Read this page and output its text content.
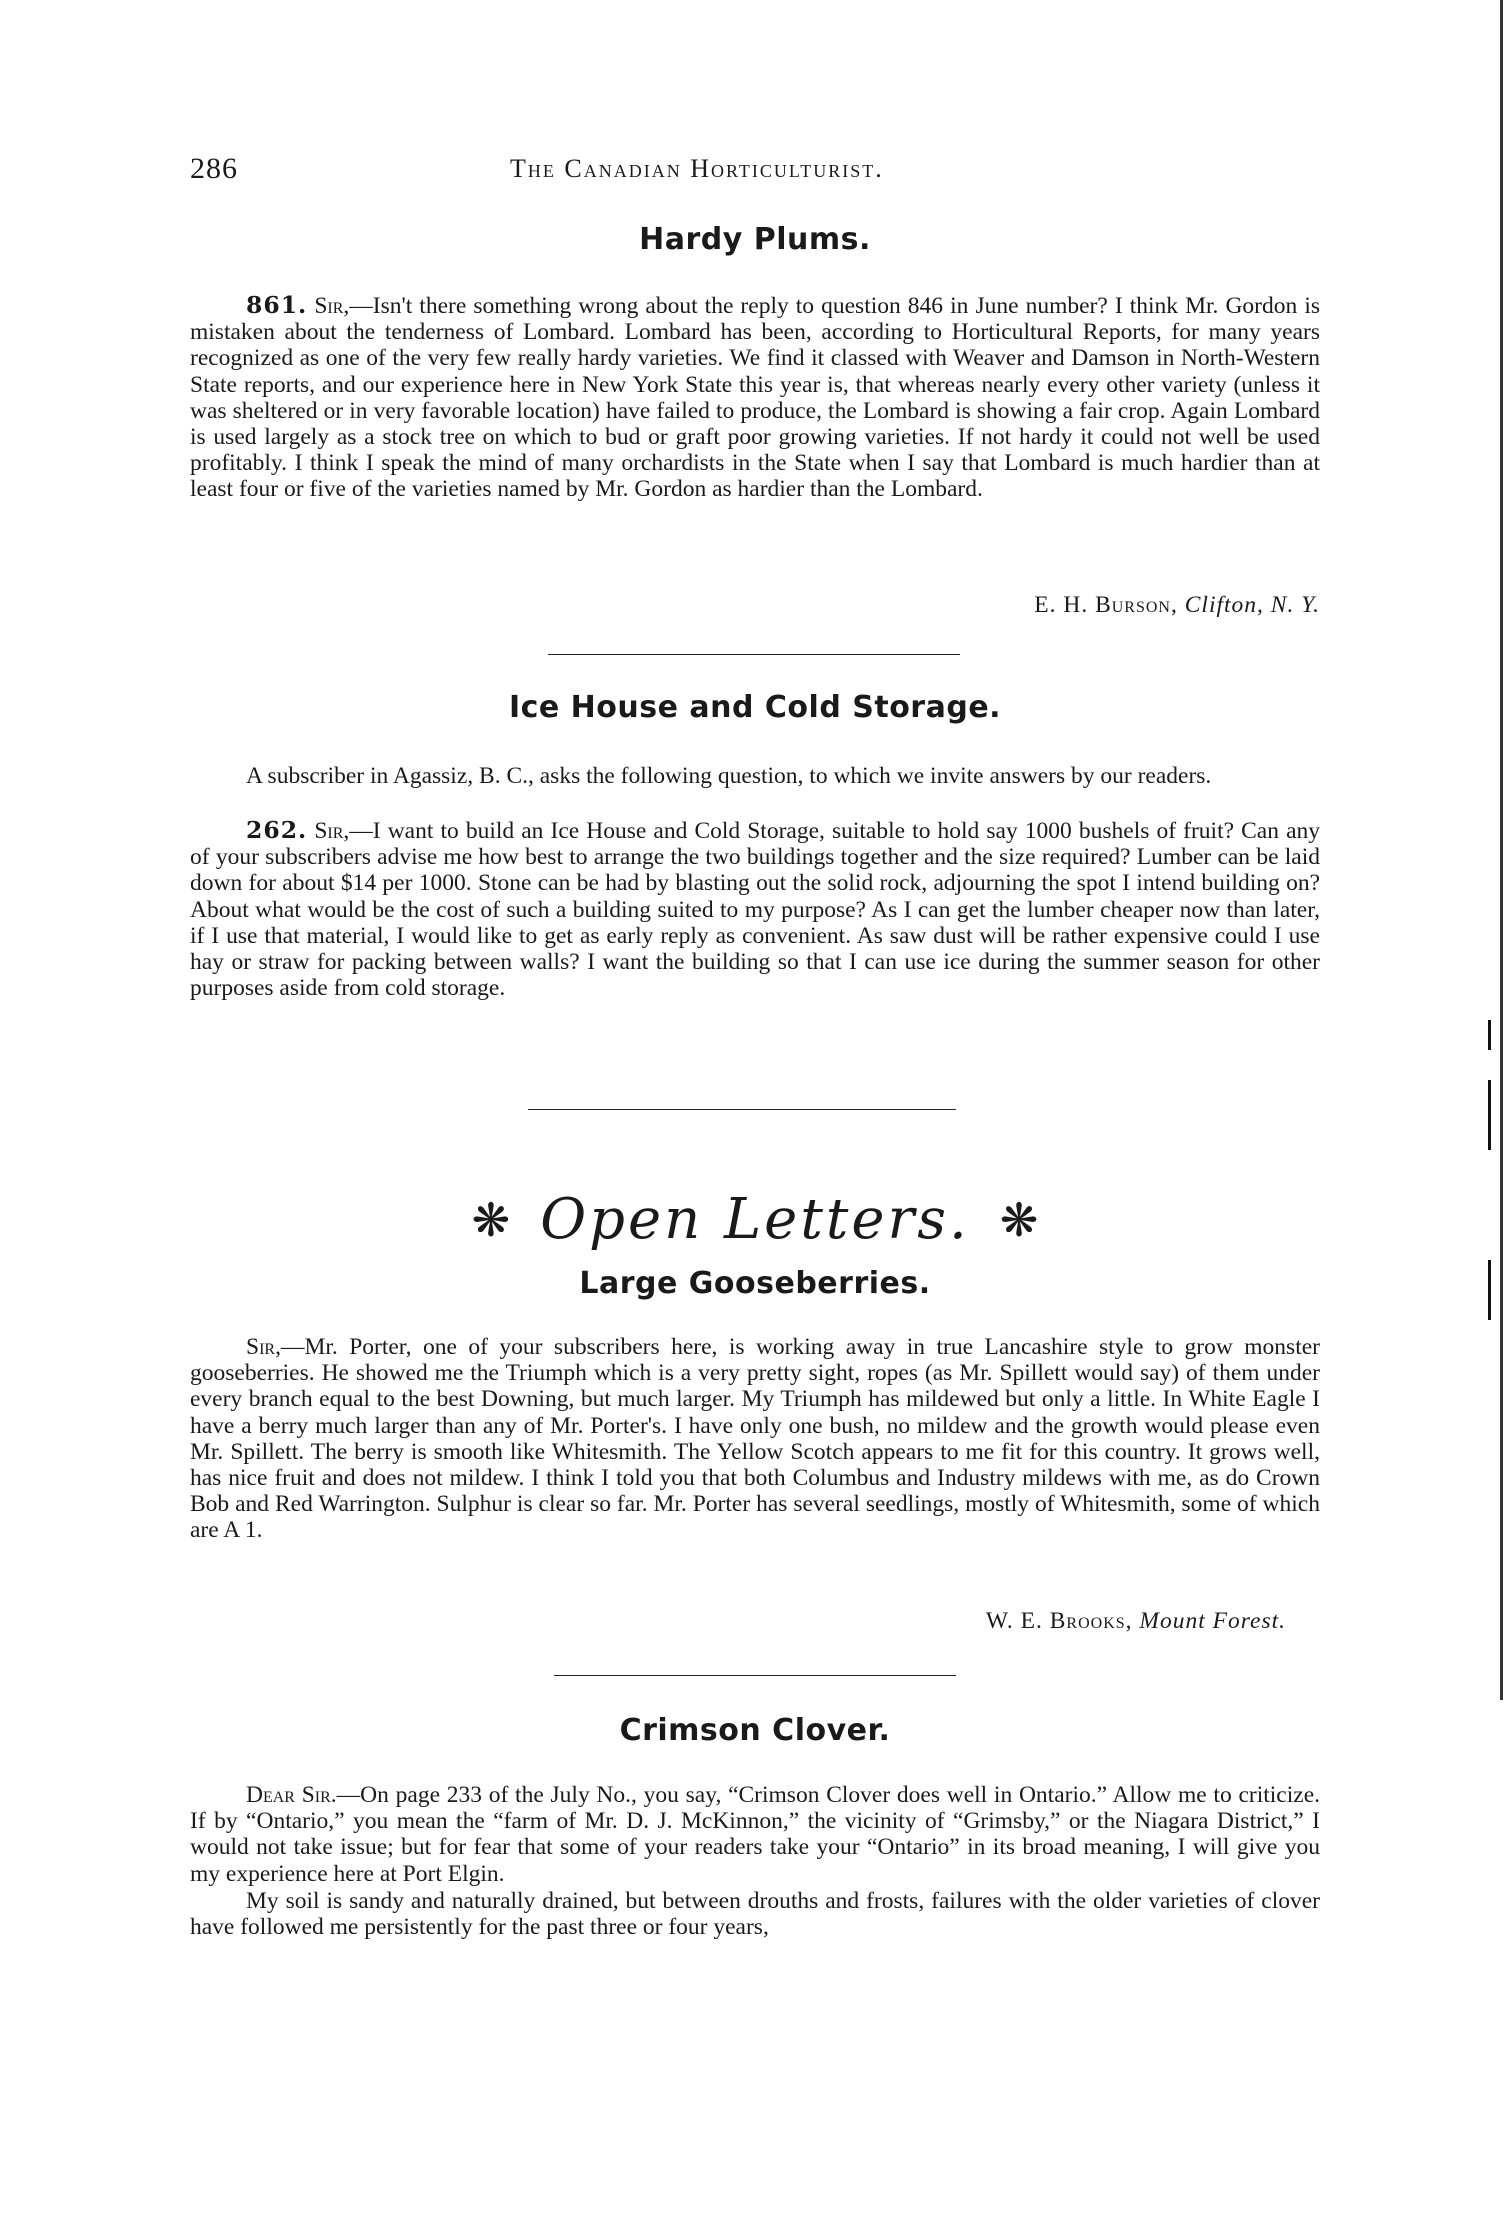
286	The Canadian Horticulturist.
Hardy Plums.

861. Sir,—Isn't there something wrong about the reply to question 846 in June number? I think Mr. Gordon is mistaken about the tenderness of Lombard. Lombard has been, according to Horticultural Reports, for many years recognized as one of the very few really hardy varieties. We find it classed with Weaver and Damson in North-Western State reports, and our experience here in New York State this year is, that whereas nearly every other variety (unless it was sheltered or in very favorable location) have failed to produce, the Lombard is showing a fair crop. Again Lombard is used largely as a stock tree on which to bud or graft poor growing varieties. If not hardy it could not well be used profitably. I think I speak the mind of many orchardists in the State when I say that Lombard is much hardier than at least four or five of the varieties named by Mr. Gordon as hardier than the Lombard.

E. H. Burson, Clifton, N. Y.
Ice House and Cold Storage.

A subscriber in Agassiz, B. C., asks the following question, to which we invite answers by our readers.

262. Sir,—I want to build an Ice House and Cold Storage, suitable to hold say 1000 bushels of fruit? Can any of your subscribers advise me how best to arrange the two buildings together and the size required? Lumber can be laid down for about $14 per 1000. Stone can be had by blasting out the solid rock, adjourning the spot I intend building on? About what would be the cost of such a building suited to my purpose? As I can get the lumber cheaper now than later, if I use that material, I would like to get as early reply as convenient. As saw dust will be rather expensive could I use hay or straw for packing between walls? I want the building so that I can use ice during the summer season for other purposes aside from cold storage.

❋ Open Letters. ❋
Large Gooseberries.

Sir,—Mr. Porter, one of your subscribers here, is working away in true Lancashire style to grow monster gooseberries. He showed me the Triumph which is a very pretty sight, ropes (as Mr. Spillett would say) of them under every branch equal to the best Downing, but much larger. My Triumph has mildewed but only a little. In White Eagle I have a berry much larger than any of Mr. Porter's. I have only one bush, no mildew and the growth would please even Mr. Spillett. The berry is smooth like Whitesmith. The Yellow Scotch appears to me fit for this country. It grows well, has nice fruit and does not mildew. I think I told you that both Columbus and Industry mildews with me, as do Crown Bob and Red Warrington. Sulphur is clear so far. Mr. Porter has several seedlings, mostly of Whitesmith, some of which are A 1.

W. E. Brooks, Mount Forest.
Crimson Clover.

Dear Sir.—On page 233 of the July No., you say, “Crimson Clover does well in Ontario.” Allow me to criticize. If by “Ontario,” you mean the “farm of Mr. D. J. McKinnon,” the vicinity of “Grimsby,” or the Niagara District,” I would not take issue; but for fear that some of your readers take your “Ontario” in its broad meaning, I will give you my experience here at Port Elgin.

My soil is sandy and naturally drained, but between drouths and frosts, failures with the older varieties of clover have followed me persistently for the past three or four years,
